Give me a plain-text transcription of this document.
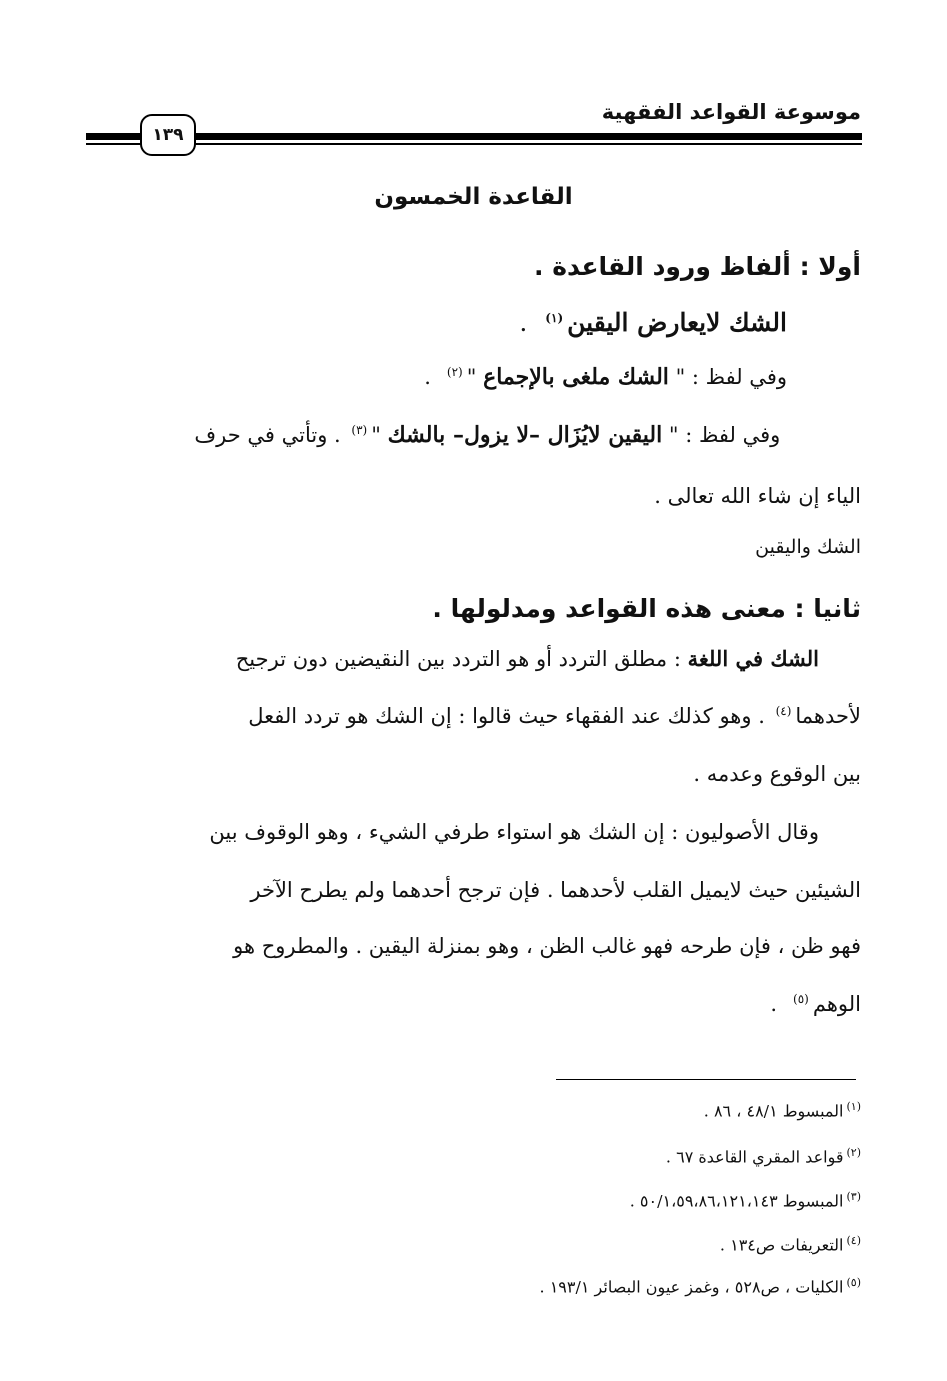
موسوعة القواعد الفقهية
١٣٩
القاعدة الخمسون
أولا : ألفاظ ورود القاعدة .
الشك لايعارض اليقين$^{(١)}$.
وفي لفظ : " الشك ملغى بالإجماع "$^{(٢)}$.
وفي لفظ : " اليقين لايُزَال –لا يزول– بالشك "$^{(٣)}$ . وتأتي في حرف
الياء إن شاء الله تعالى .
الشك واليقين
ثانيا : معنى هذه القواعد ومدلولها .
الشك في اللغة : مطلق التردد أو هو التردد بين النقيضين دون ترجيح
لأحدهما$^{(٤)}$ . وهو كذلك عند الفقهاء حيث قالوا : إن الشك هو تردد الفعل
بين الوقوع وعدمه .
وقال الأصوليون : إن الشك هو استواء طرفي الشيء ، وهو الوقوف بين
الشيئين حيث لايميل القلب لأحدهما . فإن ترجح أحدهما ولم يطرح الآخر
فهو ظن ، فإن طرحه فهو غالب الظن ، وهو بمنزلة اليقين . والمطروح هو
الوهم$^{(٥)}$.
$^{(١)}$المبسوط ٤٨/١ ، ٨٦ .
$^{(٢)}$قواعد المقري القاعدة ٦٧ .
$^{(٣)}$المبسوط ٥٠/١،٥٩،٨٦،١٢١،١٤٣ .
$^{(٤)}$التعريفات ص١٣٤ .
$^{(٥)}$الكليات ، ص٥٢٨ ، وغمز عيون البصائر ١٩٣/١ .
